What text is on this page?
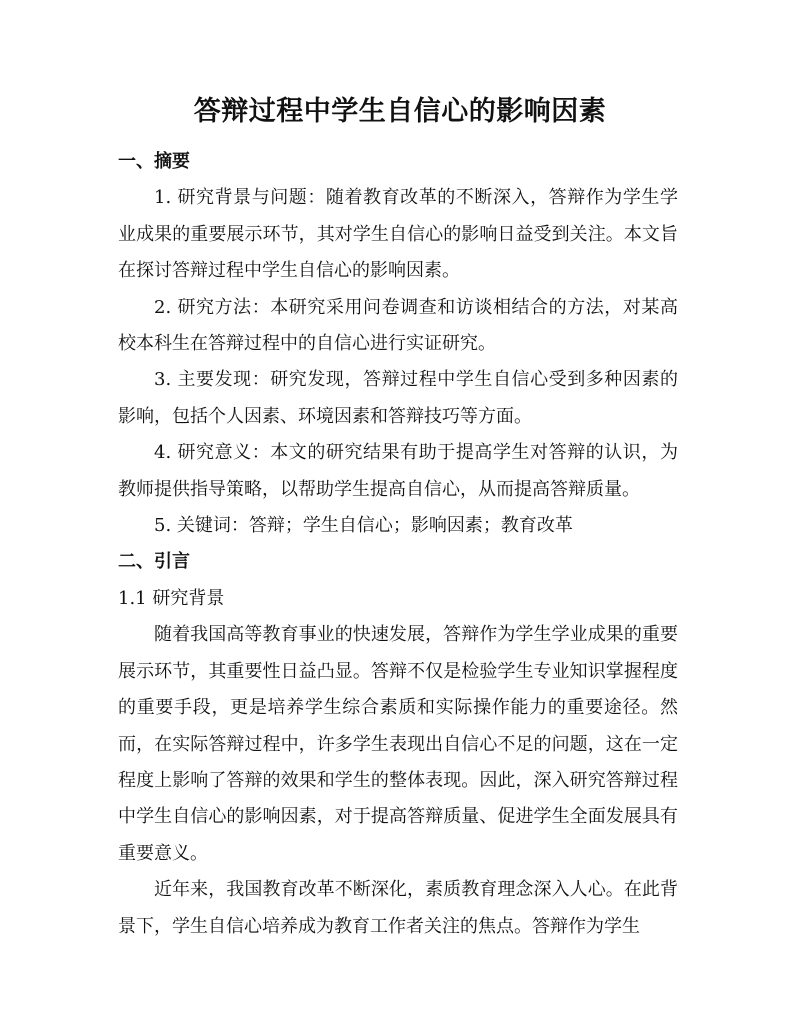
答辩过程中学生自信心的影响因素

一、摘要

1. 研究背景与问题：随着教育改革的不断深入，答辩作为学生学业成果的重要展示环节，其对学生自信心的影响日益受到关注。本文旨在探讨答辩过程中学生自信心的影响因素。

2. 研究方法：本研究采用问卷调查和访谈相结合的方法，对某高校本科生在答辩过程中的自信心进行实证研究。

3. 主要发现：研究发现，答辩过程中学生自信心受到多种因素的影响，包括个人因素、环境因素和答辩技巧等方面。

4. 研究意义：本文的研究结果有助于提高学生对答辩的认识，为教师提供指导策略，以帮助学生提高自信心，从而提高答辩质量。

5. 关键词：答辩；学生自信心；影响因素；教育改革

二、引言

1.1 研究背景

随着我国高等教育事业的快速发展，答辩作为学生学业成果的重要展示环节，其重要性日益凸显。答辩不仅是检验学生专业知识掌握程度的重要手段，更是培养学生综合素质和实际操作能力的重要途径。然而，在实际答辩过程中，许多学生表现出自信心不足的问题，这在一定程度上影响了答辩的效果和学生的整体表现。因此，深入研究答辩过程中学生自信心的影响因素，对于提高答辩质量、促进学生全面发展具有重要意义。

近年来，我国教育改革不断深化，素质教育理念深入人心。在此背景下，学生自信心培养成为教育工作者关注的焦点。答辩作为学生
